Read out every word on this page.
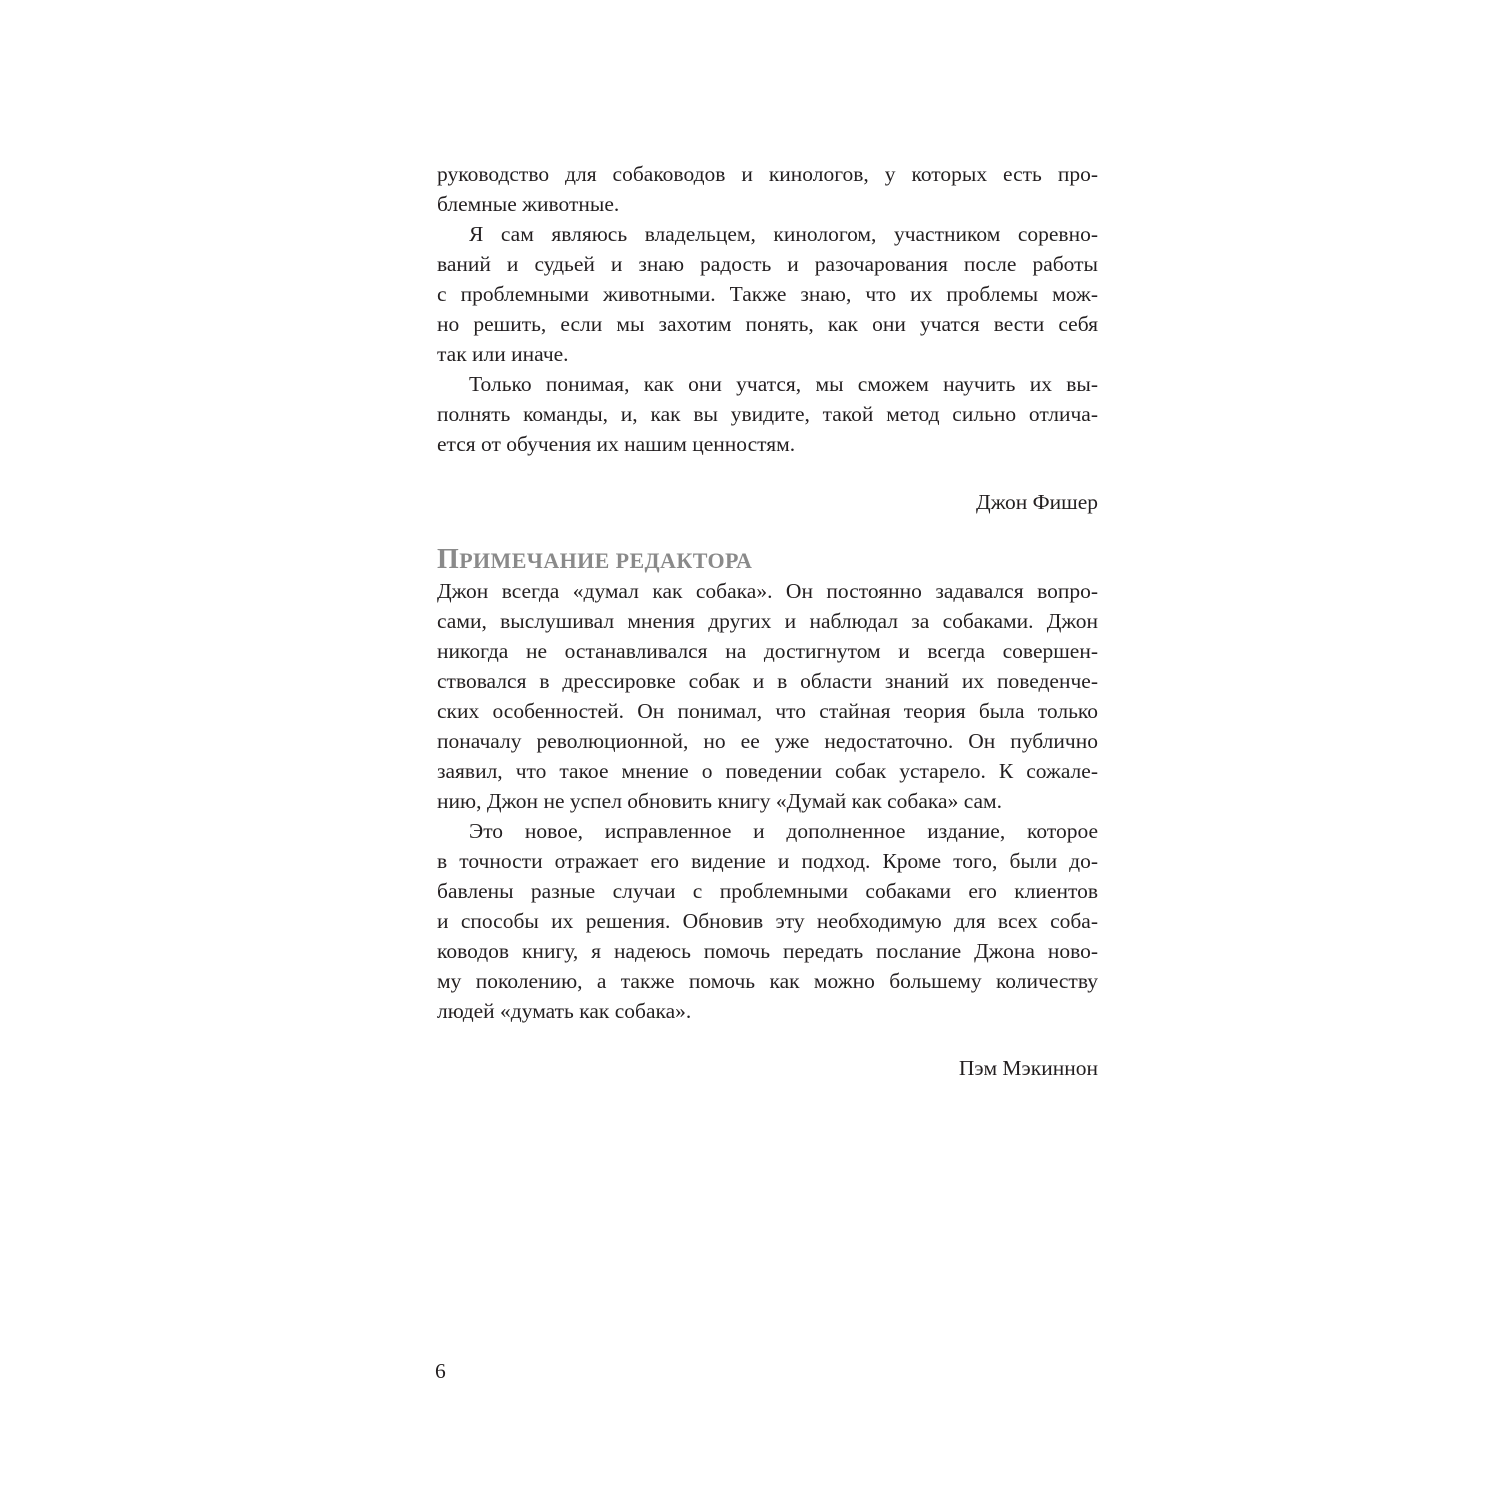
руководство для собаководов и кинологов, у которых есть про-
блемные животные.
Я сам являюсь владельцем, кинологом, участником соревно-
ваний и судьей и знаю радость и разочарования после работы
с проблемными животными. Также знаю, что их проблемы мож-
но решить, если мы захотим понять, как они учатся вести себя
так или иначе.
Только понимая, как они учатся, мы сможем научить их вы-
полнять команды, и, как вы увидите, такой метод сильно отлича-
ется от обучения их нашим ценностям.
Джон Фишер
ПРИМЕЧАНИЕ РЕДАКТОРА
Джон всегда «думал как собака». Он постоянно задавался вопро-
сами, выслушивал мнения других и наблюдал за собаками. Джон
никогда не останавливался на достигнутом и всегда совершен-
ствовался в дрессировке собак и в области знаний их поведенче-
ских особенностей. Он понимал, что стайная теория была только
поначалу революционной, но ее уже недостаточно. Он публично
заявил, что такое мнение о поведении собак устарело. К сожале-
нию, Джон не успел обновить книгу «Думай как собака» сам.
Это новое, исправленное и дополненное издание, которое
в точности отражает его видение и подход. Кроме того, были до-
бавлены разные случаи с проблемными собаками его клиентов
и способы их решения. Обновив эту необходимую для всех соба-
ководов книгу, я надеюсь помочь передать послание Джона ново-
му поколению, а также помочь как можно большему количеству
людей «думать как собака».
Пэм Мэкиннон
6
